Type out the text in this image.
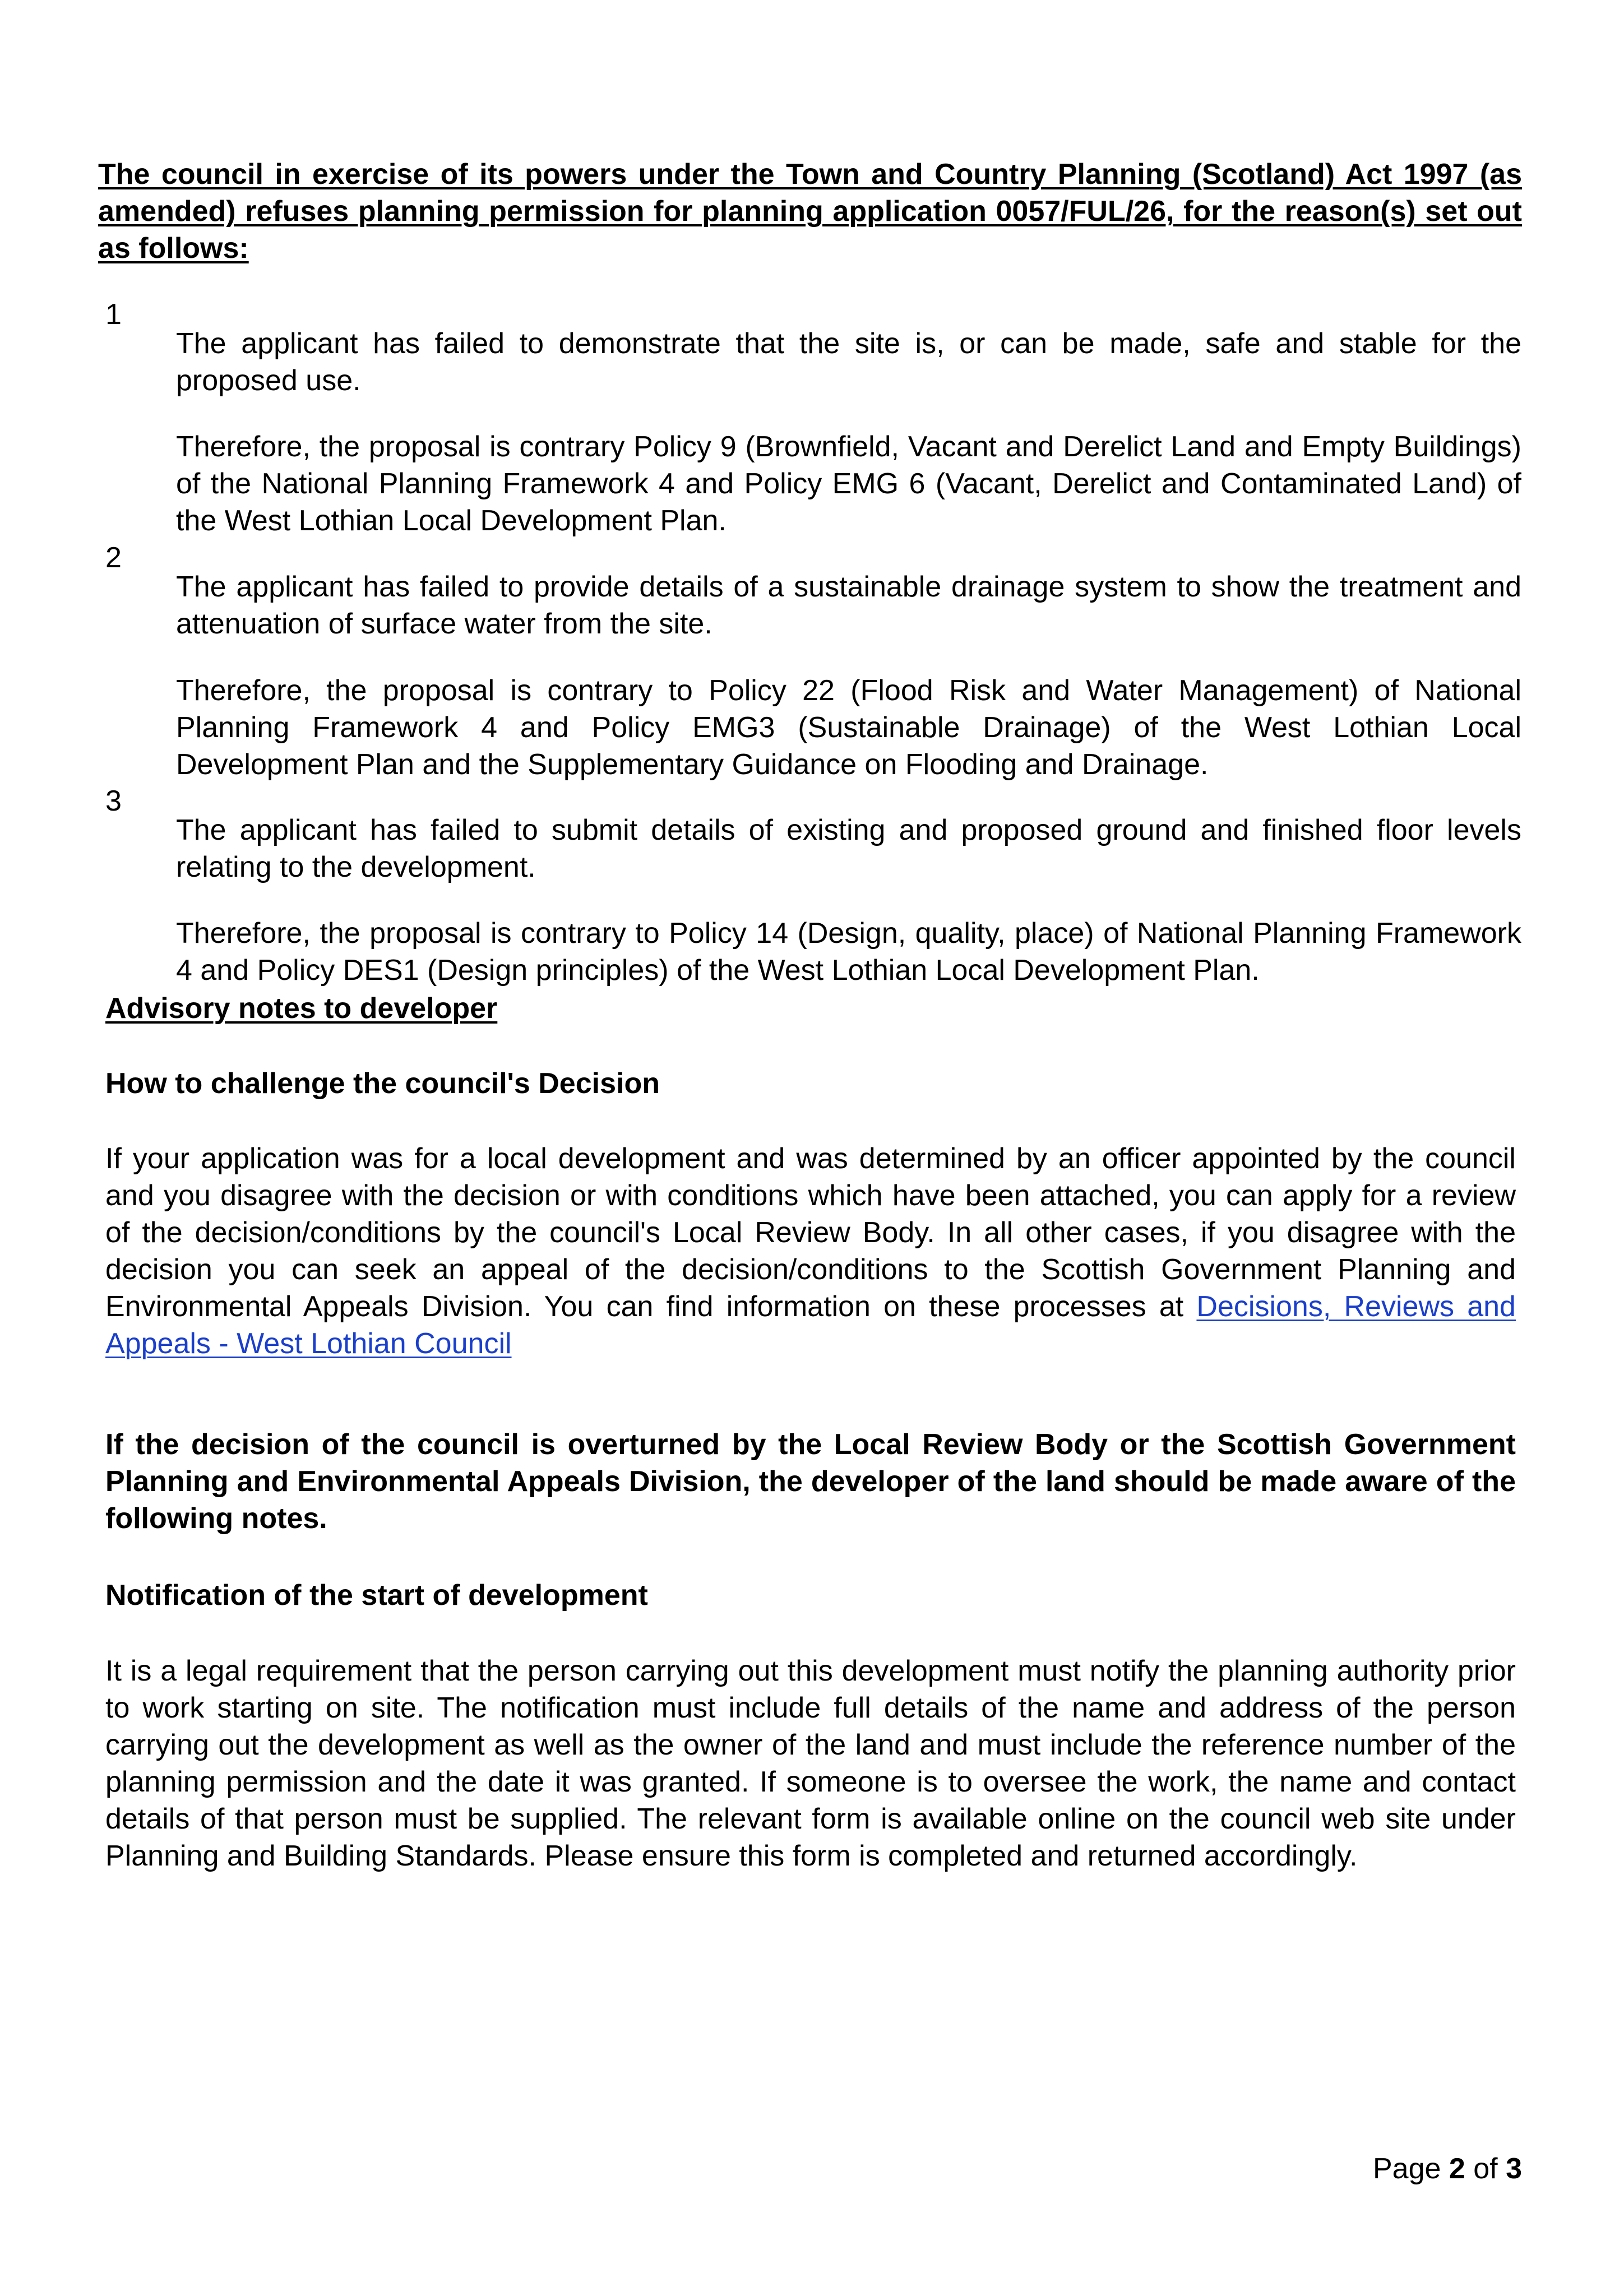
The council in exercise of its powers under the Town and Country Planning (Scotland) Act 1997 (as amended) refuses planning permission for planning application 0057/FUL/26, for the reason(s) set out as follows:

1

The applicant has failed to demonstrate that the site is, or can be made, safe and stable for the proposed use.

Therefore, the proposal is contrary Policy 9 (Brownfield, Vacant and Derelict Land and Empty Buildings) of the National Planning Framework 4 and Policy EMG 6 (Vacant, Derelict and Contaminated Land) of the West Lothian Local Development Plan.

2

The applicant has failed to provide details of a sustainable drainage system to show the treatment and attenuation of surface water from the site.

Therefore, the proposal is contrary to Policy 22 (Flood Risk and Water Management) of National Planning Framework 4 and Policy EMG3 (Sustainable Drainage) of the West Lothian Local Development Plan and the Supplementary Guidance on Flooding and Drainage.

3

The applicant has failed to submit details of existing and proposed ground and finished floor levels relating to the development.

Therefore, the proposal is contrary to Policy 14 (Design, quality, place) of National Planning Framework 4 and Policy DES1 (Design principles) of the West Lothian Local Development Plan.

Advisory notes to developer

How to challenge the council's Decision

If your application was for a local development and was determined by an officer appointed by the council and you disagree with the decision or with conditions which have been attached, you can apply for a review of the decision/conditions by the council's Local Review Body. In all other cases, if you disagree with the decision you can seek an appeal of the decision/conditions to the Scottish Government Planning and Environmental Appeals Division. You can find information on these processes at Decisions, Reviews and Appeals - West Lothian Council

If the decision of the council is overturned by the Local Review Body or the Scottish Government Planning and Environmental Appeals Division, the developer of the land should be made aware of the following notes.

Notification of the start of development

It is a legal requirement that the person carrying out this development must notify the planning authority prior to work starting on site. The notification must include full details of the name and address of the person carrying out the development as well as the owner of the land and must include the reference number of the planning permission and the date it was granted. If someone is to oversee the work, the name and contact details of that person must be supplied. The relevant form is available online on the council web site under Planning and Building Standards. Please ensure this form is completed and returned accordingly.

Page 2 of 3
